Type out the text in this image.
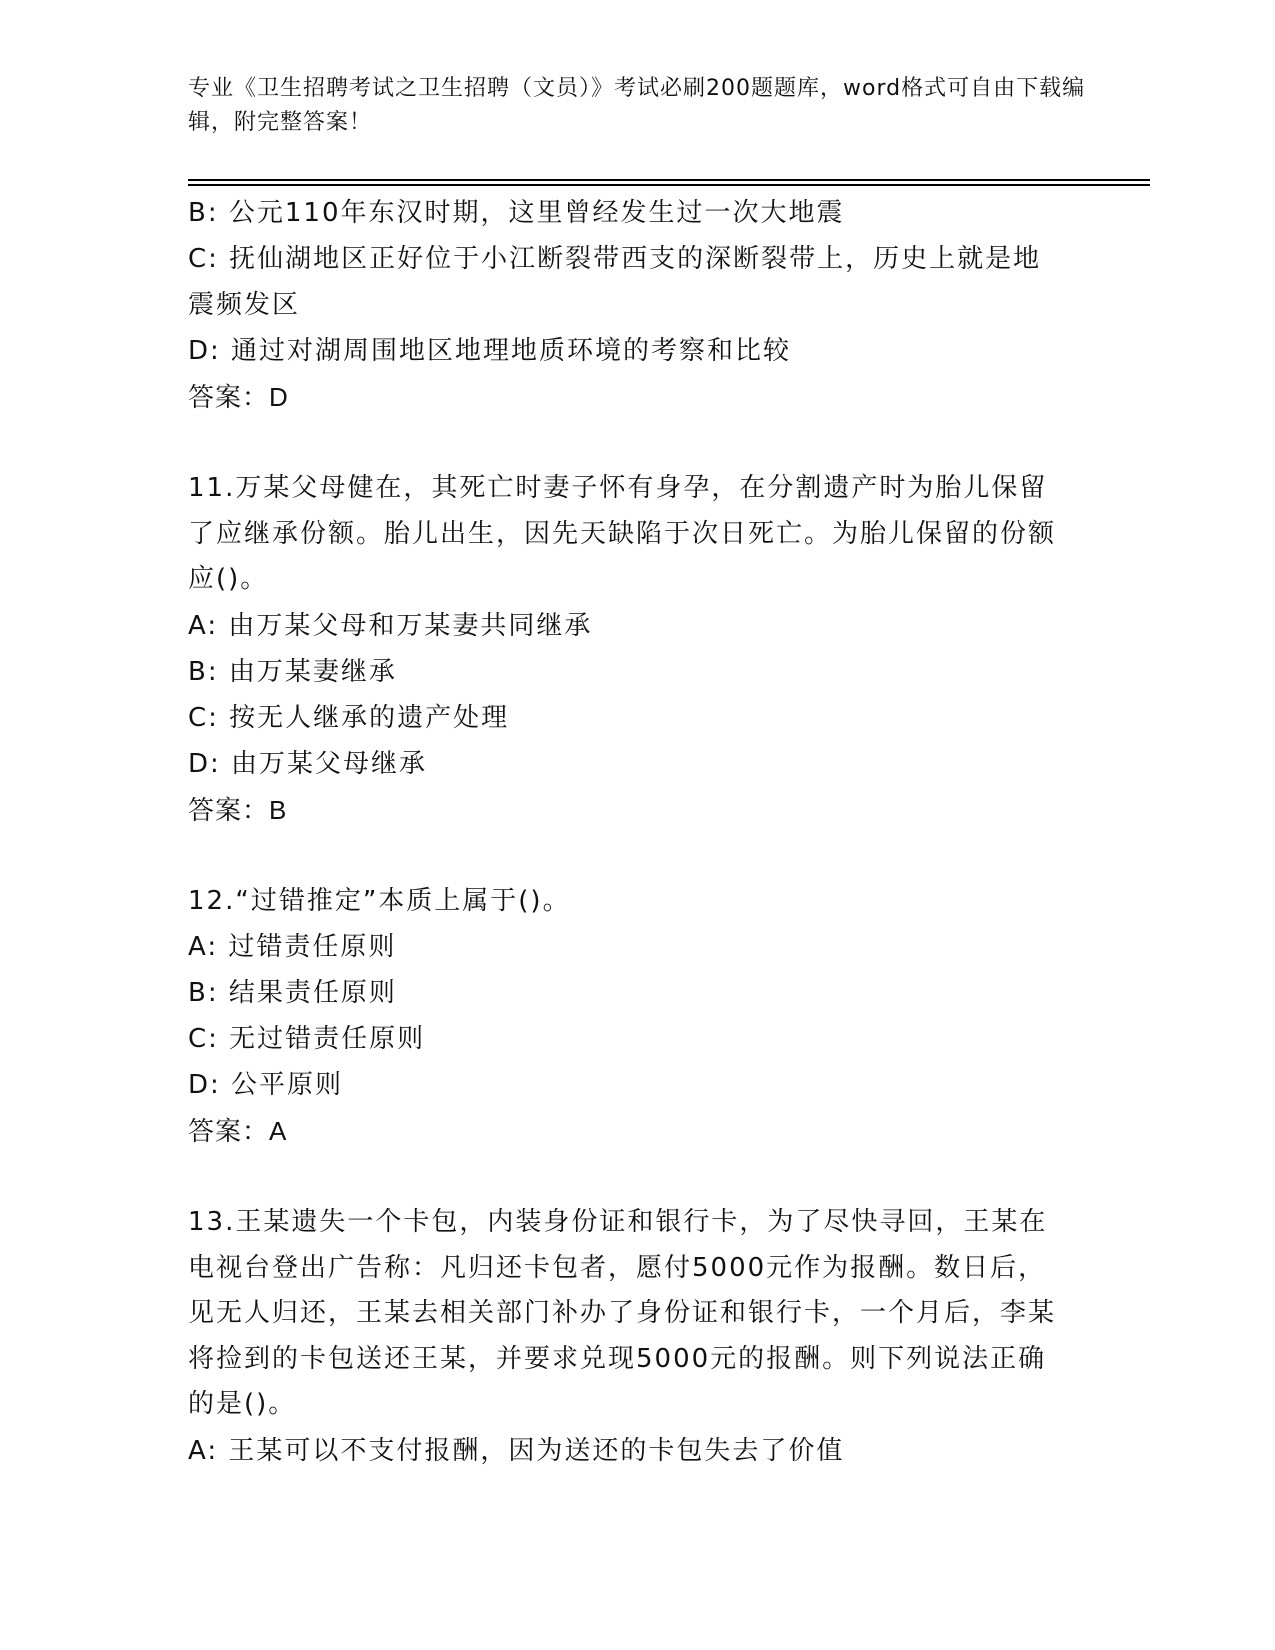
专业《卫生招聘考试之卫生招聘（文员）》考试必刷200题题库，word格式可自由下载编辑，附完整答案！
B: 公元110年东汉时期，这里曾经发生过一次大地震
C: 抚仙湖地区正好位于小江断裂带西支的深断裂带上，历史上就是地震频发区
D: 通过对湖周围地区地理地质环境的考察和比较
答案：D
11.万某父母健在，其死亡时妻子怀有身孕，在分割遗产时为胎儿保留了应继承份额。胎儿出生，因先天缺陷于次日死亡。为胎儿保留的份额应()。
A: 由万某父母和万某妻共同继承
B: 由万某妻继承
C: 按无人继承的遗产处理
D: 由万某父母继承
答案：B
12.“过错推定”本质上属于()。
A: 过错责任原则
B: 结果责任原则
C: 无过错责任原则
D: 公平原则
答案：A
13.王某遗失一个卡包，内装身份证和银行卡，为了尽快寻回，王某在电视台登出广告称：凡归还卡包者，愿付5000元作为报酬。数日后，见无人归还，王某去相关部门补办了身份证和银行卡，一个月后，李某将捡到的卡包送还王某，并要求兑现5000元的报酬。则下列说法正确的是()。
A: 王某可以不支付报酬，因为送还的卡包失去了价值
